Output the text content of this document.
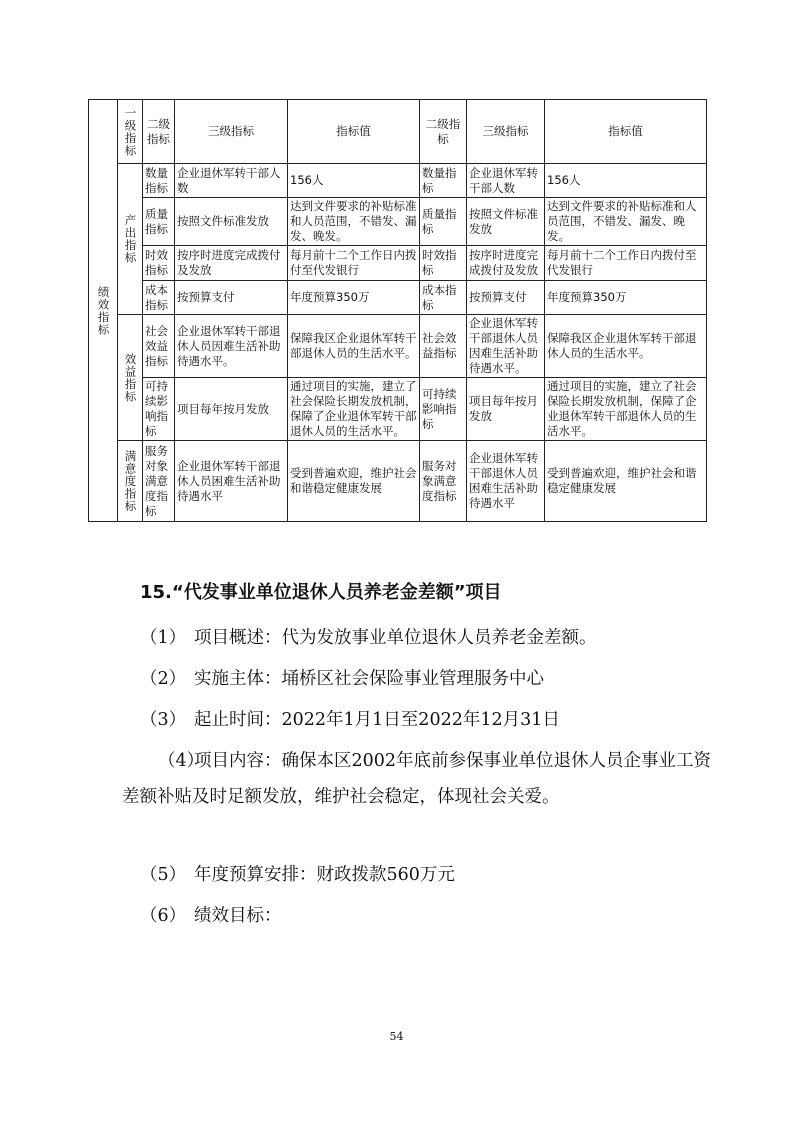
绩效指标	一级指标	二级指标	三级指标	指标值	二级指标	三级指标	指标值

	产出指标	数量指标	企业退休军转干部人数	156人	数量指标	企业退休军转干部人数	156人
		质量指标	按照文件标准发放	达到文件要求的补贴标准和人员范围，不错发、漏发、晚发。	质量指标	按照文件标准发放	达到文件要求的补贴标准和人员范围，不错发、漏发、晚发。
		时效指标	按序时进度完成拨付及发放	每月前十二个工作日内拨付至代发银行	时效指标	按序时进度完成拨付及发放	每月前十二个工作日内拨付至代发银行
		成本指标	按预算支付	年度预算350万	成本指标	按预算支付	年度预算350万

	效益指标	社会效益指标	企业退休军转干部退休人员因难生活补助待遇水平。	保障我区企业退休军转干部退休人员的生活水平。	社会效益指标	企业退休军转干部退休人员因难生活补助待遇水平。	保障我区企业退休军转干部退休人员的生活水平。
		可持续影响指标	项目每年按月发放	通过项目的实施，建立了社会保险长期发放机制，保障了企业退休军转干部退休人员的生活水平。	可持续影响指标	项目每年按月发放	通过项目的实施，建立了社会保险长期发放机制，保障了企业退休军转干部退休人员的生活水平。

	满意度指标	服务对象满意度指标	企业退休军转干部退休人员困难生活补助待遇水平	受到普遍欢迎，维护社会和谐稳定健康发展	服务对象满意度指标	企业退休军转干部退休人员困难生活补助待遇水平	受到普遍欢迎，维护社会和谐稳定健康发展
15.“代发事业单位退休人员养老金差额”项目
（1） 项目概述：代为发放事业单位退休人员养老金差额。
（2） 实施主体：埇桥区社会保险事业管理服务中心
（3） 起止时间：2022年1月1日至2022年12月31日
（4）项目内容：确保本区2002年底前参保事业单位退休人员企事业工资差额补贴及时足额发放，维护社会稳定，体现社会关爱。
（5） 年度预算安排：财政拨款560万元
（6） 绩效目标：
54
